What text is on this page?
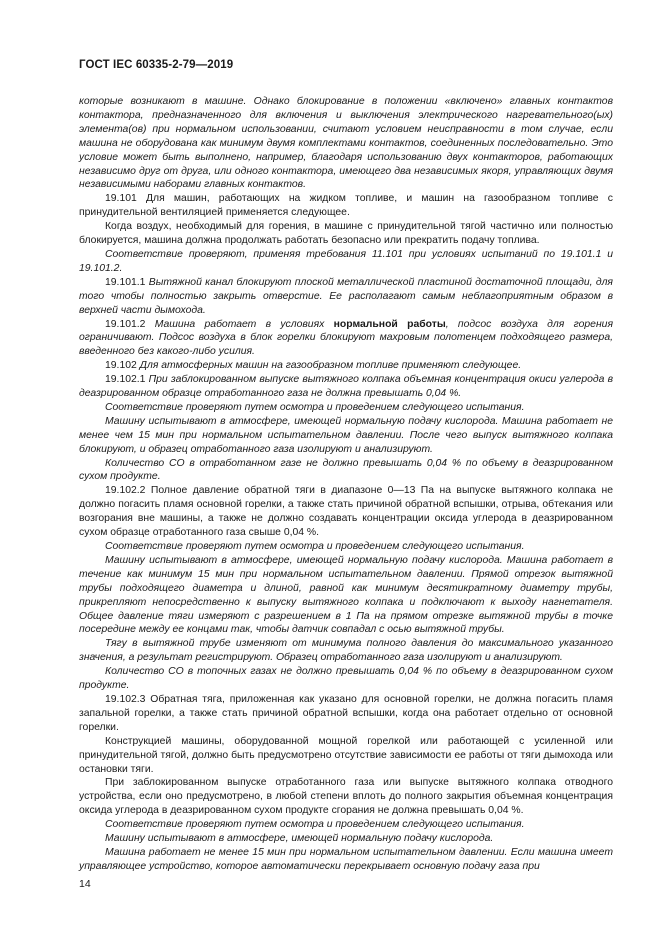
ГОСТ IEC 60335-2-79—2019

которые возникают в машине. Однако блокирование в положении «включено» главных контактов контактора, предназначенного для включения и выключения электрического нагревательного(ых) элемента(ов) при нормальном использовании, считают условием неисправности в том случае, если машина не оборудована как минимум двумя комплектами контактов, соединенных последовательно. Это условие может быть выполнено, например, благодаря использованию двух контакторов, работающих независимо друг от друга, или одного контактора, имеющего два независимых якоря, управляющих двумя независимыми наборами главных контактов.

19.101 Для машин, работающих на жидком топливе, и машин на газообразном топливе с принудительной вентиляцией применяется следующее.

Когда воздух, необходимый для горения, в машине с принудительной тягой частично или полностью блокируется, машина должна продолжать работать безопасно или прекратить подачу топлива.

Соответствие проверяют, применяя требования 11.101 при условиях испытаний по 19.101.1 и 19.101.2.

19.101.1 Вытяжной канал блокируют плоской металлической пластиной достаточной площади, для того чтобы полностью закрыть отверстие. Ее располагают самым неблагоприятным образом в верхней части дымохода.

19.101.2 Машина работает в условиях нормальной работы, подсос воздуха для горения ограничивают. Подсос воздуха в блок горелки блокируют махровым полотенцем подходящего размера, введенного без какого-либо усилия.

19.102 Для атмосферных машин на газообразном топливе применяют следующее.

19.102.1 При заблокированном выпуске вытяжного колпака объемная концентрация окиси углерода в деазрированном образце отработанного газа не должна превышать 0,04 %.

Соответствие проверяют путем осмотра и проведением следующего испытания.

Машину испытывают в атмосфере, имеющей нормальную подачу кислорода. Машина работает не менее чем 15 мин при нормальном испытательном давлении. После чего выпуск вытяжного колпака блокируют, и образец отработанного газа изолируют и анализируют.

Количество CO в отработанном газе не должно превышать 0,04 % по объему в деазрированном сухом продукте.

19.102.2 Полное давление обратной тяги в диапазоне 0—13 Па на выпуске вытяжного колпака не должно погасить пламя основной горелки, а также стать причиной обратной вспышки, отрыва, обтекания или возгорания вне машины, а также не должно создавать концентрации оксида углерода в деазрированном сухом образце отработанного газа свыше 0,04 %.

Соответствие проверяют путем осмотра и проведением следующего испытания.

Машину испытывают в атмосфере, имеющей нормальную подачу кислорода. Машина работает в течение как минимум 15 мин при нормальном испытательном давлении. Прямой отрезок вытяжной трубы подходящего диаметра и длиной, равной как минимум десятикратному диаметру трубы, прикрепляют непосредственно к выпуску вытяжного колпака и подключают к выходу нагнетателя. Общее давление тяги измеряют с разрешением в 1 Па на прямом отрезке вытяжной трубы в точке посередине между ее концами так, чтобы датчик совпадал с осью вытяжной трубы.

Тягу в вытяжной трубе изменяют от минимума полного давления до максимального указанного значения, а результат регистрируют. Образец отработанного газа изолируют и анализируют.

Количество CO в топочных газах не должно превышать 0,04 % по объему в деазрированном сухом продукте.

19.102.3 Обратная тяга, приложенная как указано для основной горелки, не должна погасить пламя запальной горелки, а также стать причиной обратной вспышки, когда она работает отдельно от основной горелки.

Конструкцией машины, оборудованной мощной горелкой или работающей с усиленной или принудительной тягой, должно быть предусмотрено отсутствие зависимости ее работы от тяги дымохода или остановки тяги.

При заблокированном выпуске отработанного газа или выпуске вытяжного колпака отводного устройства, если оно предусмотрено, в любой степени вплоть до полного закрытия объемная концентрация оксида углерода в деазрированном сухом продукте сгорания не должна превышать 0,04 %.

Соответствие проверяют путем осмотра и проведением следующего испытания.

Машину испытывают в атмосфере, имеющей нормальную подачу кислорода.

Машина работает не менее 15 мин при нормальном испытательном давлении. Если машина имеет управляющее устройство, которое автоматически перекрывает основную подачу газа при

14
